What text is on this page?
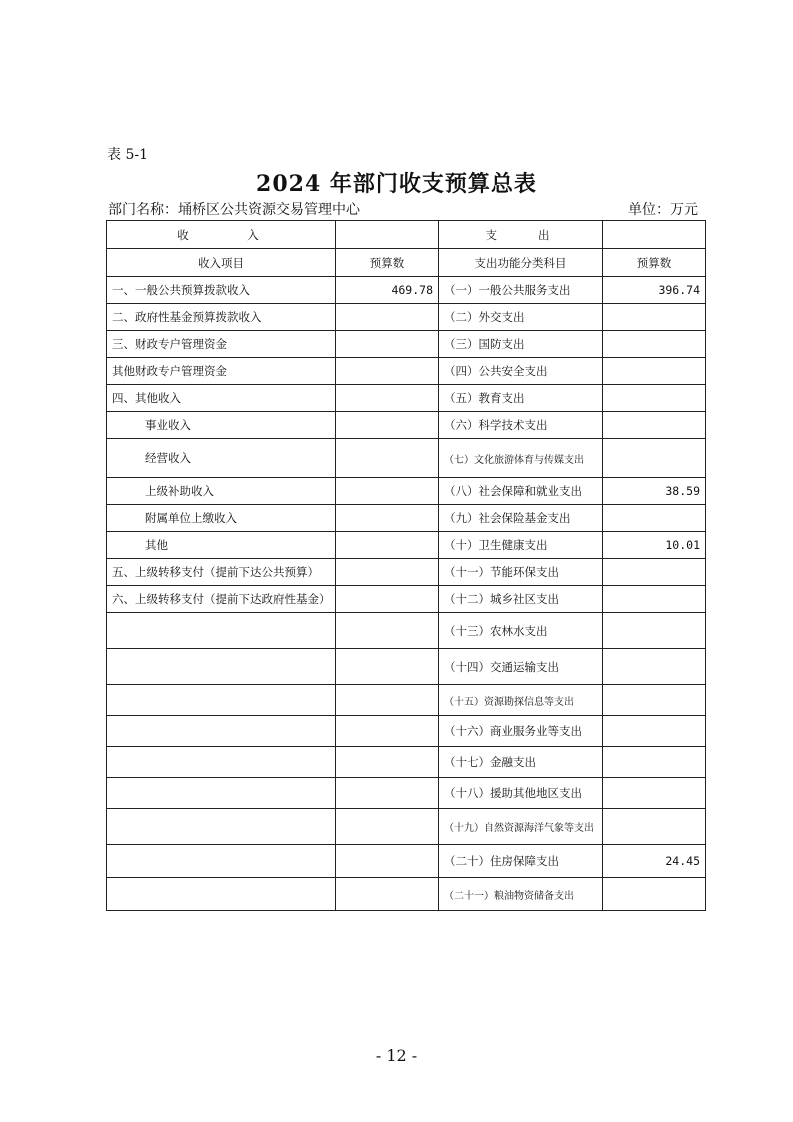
表 5-1
2024 年部门收支预算总表
部门名称：埇桥区公共资源交易管理中心	单位：万元
收　　　入		支　　出	
收入项目	预算数	支出功能分类科目	预算数
一、一般公共预算拨款收入	469.78	（一）一般公共服务支出	396.74
二、政府性基金预算拨款收入		（二）外交支出	
三、财政专户管理资金		（三）国防支出	
其他财政专户管理资金		（四）公共安全支出	
四、其他收入		（五）教育支出	
事业收入		（六）科学技术支出	
经营收入		（七）文化旅游体育与传媒支出	
上级补助收入		（八）社会保障和就业支出	38.59
附属单位上缴收入		（九）社会保险基金支出	
其他		（十）卫生健康支出	10.01
五、上级转移支付（提前下达公共预算）		（十一）节能环保支出	
六、上级转移支付（提前下达政府性基金）		（十二）城乡社区支出	
		（十三）农林水支出	
		（十四）交通运输支出	
		（十五）资源勘探信息等支出	
		（十六）商业服务业等支出	
		（十七）金融支出	
		（十八）援助其他地区支出	
		（十九）自然资源海洋气象等支出	
		（二十）住房保障支出	24.45
		（二十一）粮油物资储备支出	
- 12 -
